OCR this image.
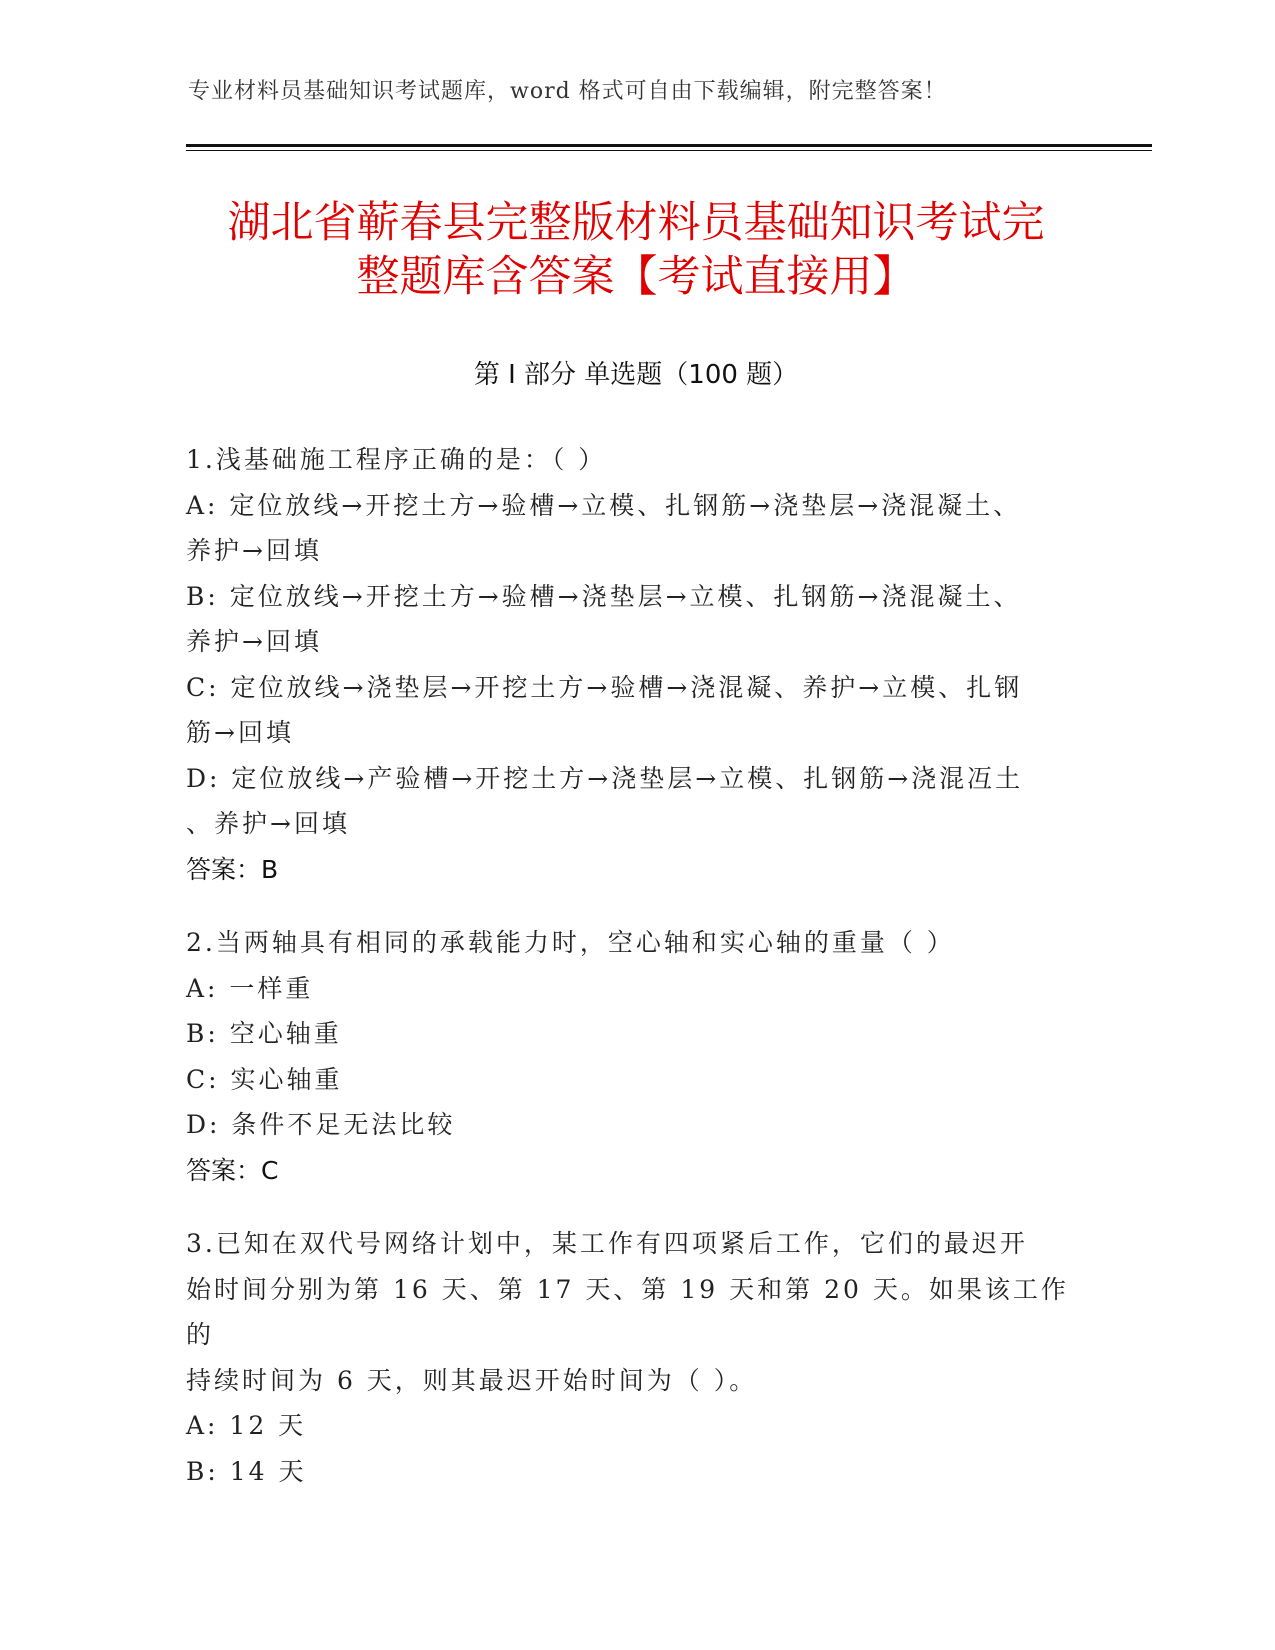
专业材料员基础知识考试题库，word 格式可自由下载编辑，附完整答案！
湖北省蕲春县完整版材料员基础知识考试完
整题库含答案【考试直接用】
第 I 部分 单选题（100 题）
1.浅基础施工程序正确的是：（ ）
A: 定位放线→开挖土方→验槽→立模、扎钢筋→浇垫层→浇混凝土、
养护→回填
B: 定位放线→开挖土方→验槽→浇垫层→立模、扎钢筋→浇混凝土、
养护→回填
C: 定位放线→浇垫层→开挖土方→验槽→浇混凝、养护→立模、扎钢
筋→回填
D: 定位放线→产验槽→开挖土方→浇垫层→立模、扎钢筋→浇混冱土
、养护→回填
答案：B
2.当两轴具有相同的承载能力时，空心轴和实心轴的重量（ ）
A: 一样重
B: 空心轴重
C: 实心轴重
D: 条件不足无法比较
答案：C
3.已知在双代号网络计划中，某工作有四项紧后工作，它们的最迟开
始时间分别为第 16 天、第 17 天、第 19 天和第 20 天。如果该工作的
持续时间为 6 天，则其最迟开始时间为（ ）。
A: 12 天
B: 14 天
